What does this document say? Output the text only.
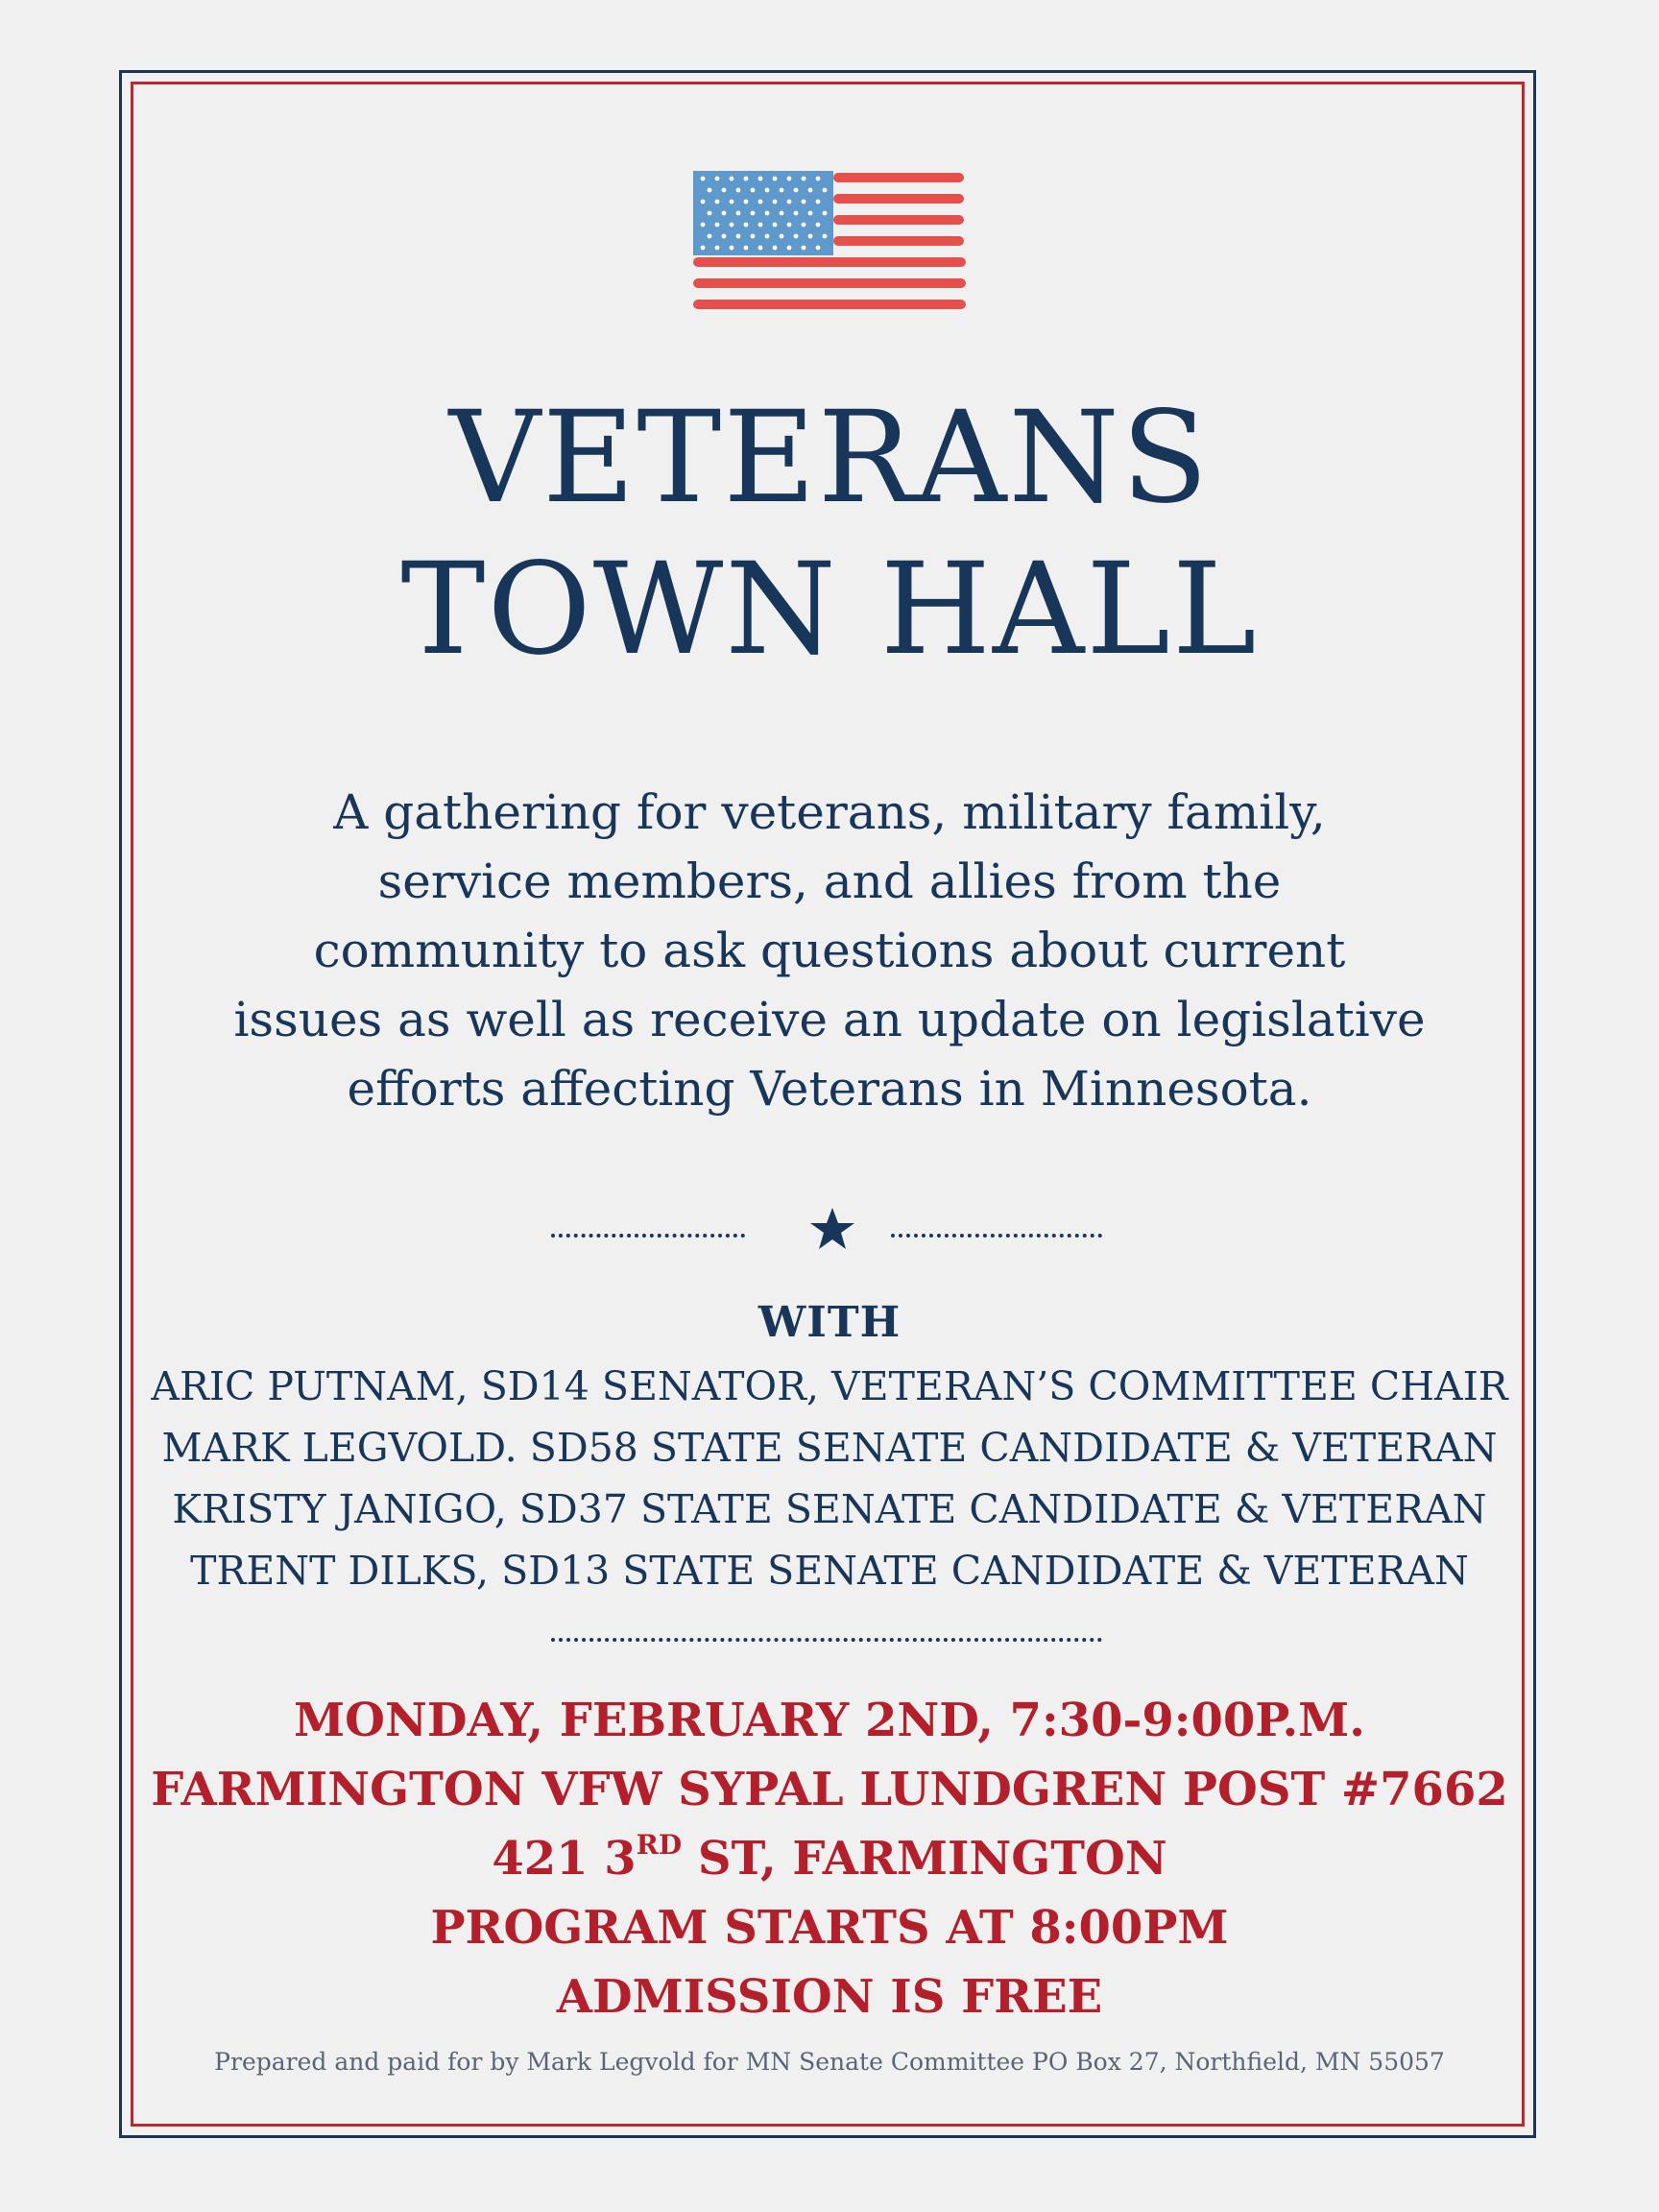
VETERANS
TOWN HALL
A gathering for veterans, military family,
service members, and allies from the
community to ask questions about current
issues as well as receive an update on legislative
efforts affecting Veterans in Minnesota.
WITH
ARIC PUTNAM, SD14 SENATOR, VETERAN’S COMMITTEE CHAIR
MARK LEGVOLD. SD58 STATE SENATE CANDIDATE & VETERAN
KRISTY JANIGO, SD37 STATE SENATE CANDIDATE & VETERAN
TRENT DILKS, SD13 STATE SENATE CANDIDATE & VETERAN
MONDAY, FEBRUARY 2ND, 7:30-9:00P.M.
FARMINGTON VFW SYPAL LUNDGREN POST #7662
421 3RD ST, FARMINGTON
PROGRAM STARTS AT 8:00PM
ADMISSION IS FREE
Prepared and paid for by Mark Legvold for MN Senate Committee PO Box 27, Northfield, MN 55057
